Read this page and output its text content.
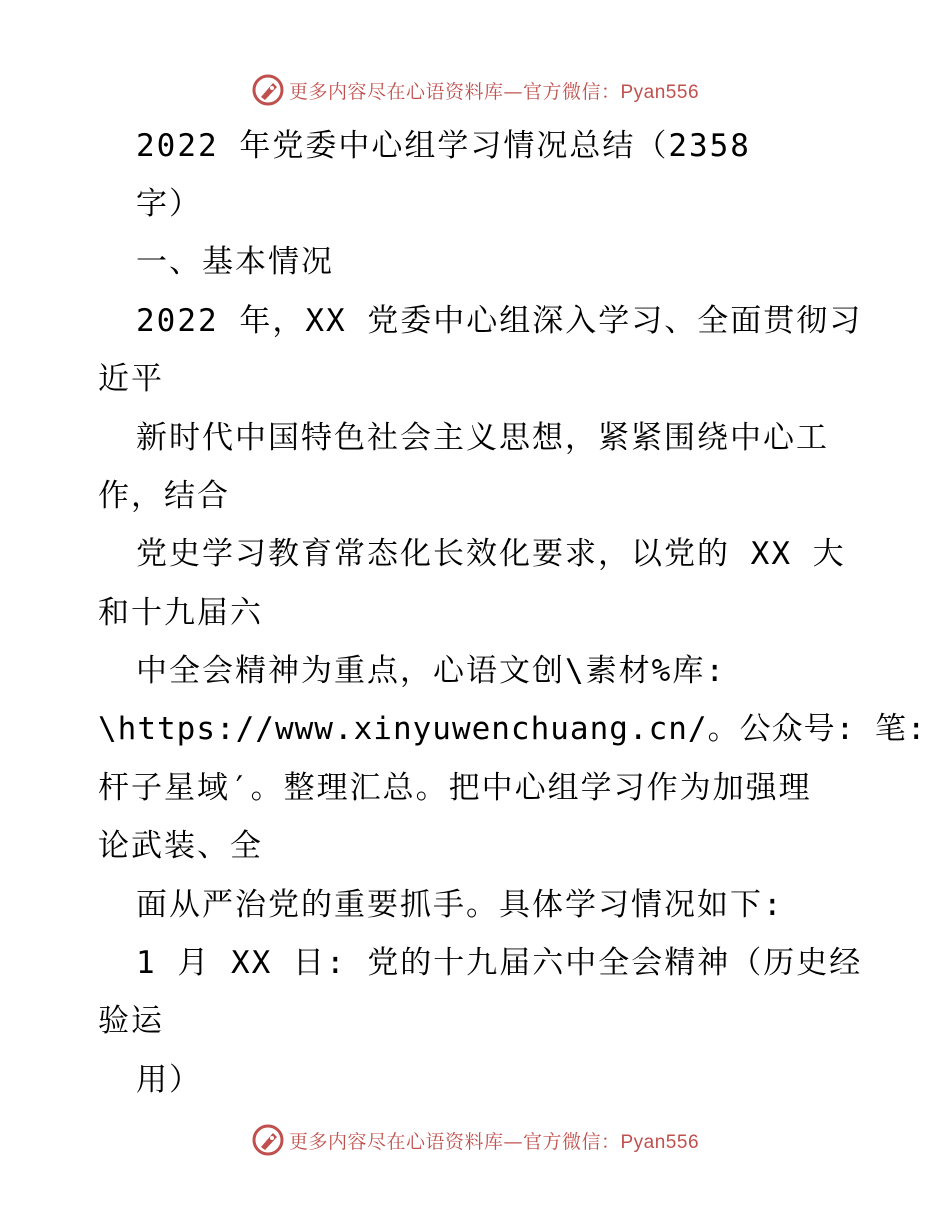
更多内容尽在心语资料库—官方微信：Pyan556
2022 年党委中心组学习情况总结（2358
字）
一、基本情况
2022 年，XX 党委中心组深入学习、全面贯彻习
近平
新时代中国特色社会主义思想，紧紧围绕中心工
作，结合
党史学习教育常态化长效化要求，以党的 XX 大
和十九届六
中全会精神为重点，心语文创\素材%库:
\https://www.xinyuwenchuang.cn/。公众号: 笔:
杆子星域′。整理汇总。把中心组学习作为加强理
论武装、全
面从严治党的重要抓手。具体学习情况如下:
1 月 XX 日: 党的十九届六中全会精神（历史经
验运
用）
更多内容尽在心语资料库—官方微信：Pyan556
